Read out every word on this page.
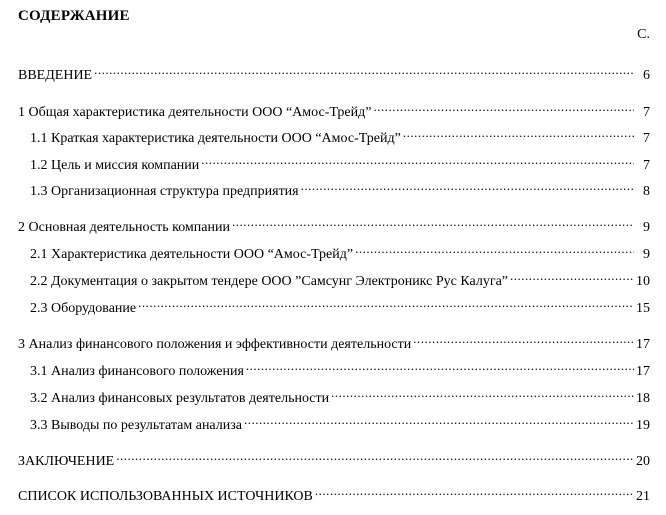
СОДЕРЖАНИЕ
С.
ВВЕДЕНИЕ .....	6
1 Общая характеристика деятельности ООО “Амос-Трейд” .....	7
1.1 Краткая характеристика деятельности ООО “Амос-Трейд” .....	7
1.2 Цель и миссия компании .....	7
1.3 Организационная структура предприятия .....	8
2 Основная деятельность компании .....	9
2.1 Характеристика деятельности ООО “Амос-Трейд” .....	9
2.2 Документация о закрытом тендере ООО ”Самсунг Электроникс Рус Калуга” .....	10
2.3 Оборудование .....	15
3 Анализ финансового положения и эффективности деятельности .....	17
3.1 Анализ финансового положения .....	17
3.2 Анализ финансовых результатов деятельности .....	18
3.3 Выводы по результатам анализа .....	19
ЗАКЛЮЧЕНИЕ .....	20
СПИСОК ИСПОЛЬЗОВАННЫХ ИСТОЧНИКОВ .....	21
